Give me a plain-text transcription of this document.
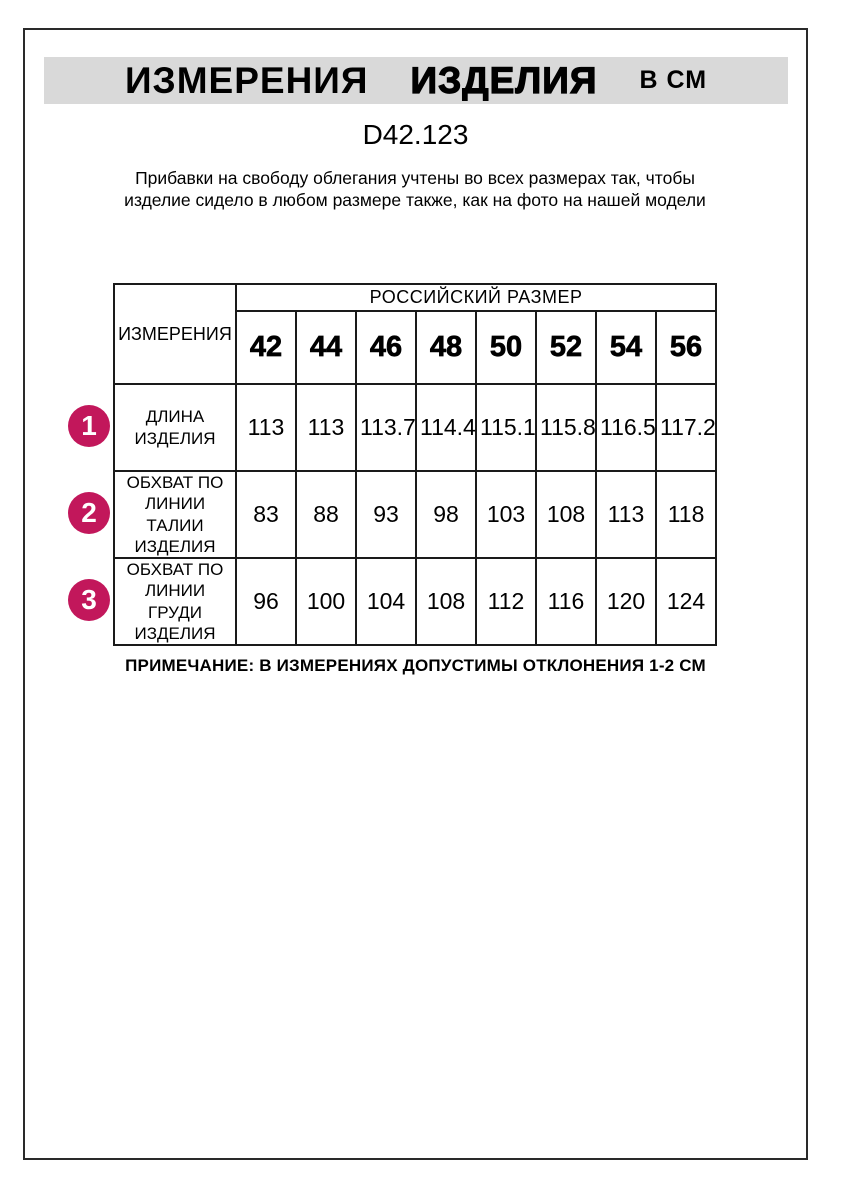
ИЗМЕРЕНИЯ ИЗДЕЛИЯ В СМ
D42.123

Прибавки на свободу облегания учтены во всех размерах так, чтобы изделие сидело в любом размере также, как на фото на нашей модели

ИЗМЕРЕНИЯ	РОССИЙСКИЙ РАЗМЕР							
	42	44	46	48	50	52	54	56
ДЛИНА ИЗДЕЛИЯ	113	113	113.7	114.4	115.1	115.8	116.5	117.2
ОБХВАТ ПО ЛИНИИ ТАЛИИ ИЗДЕЛИЯ	83	88	93	98	103	108	113	118
ОБХВАТ ПО ЛИНИИ ГРУДИ ИЗДЕЛИЯ	96	100	104	108	112	116	120	124
1
2
3
ПРИМЕЧАНИЕ: В ИЗМЕРЕНИЯХ ДОПУСТИМЫ ОТКЛОНЕНИЯ 1-2 СМ
